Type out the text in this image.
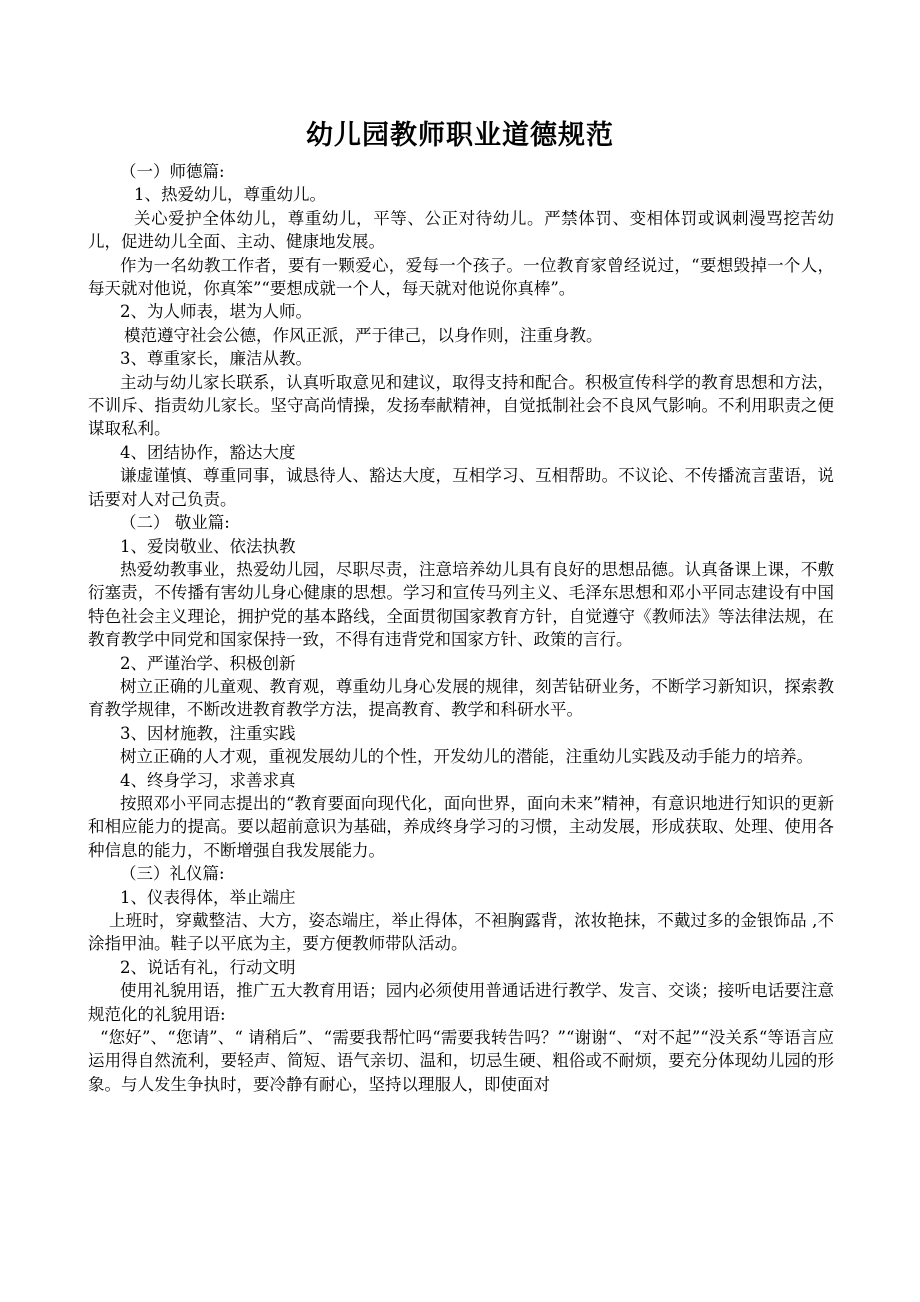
幼儿园教师职业道德规范

（一）师德篇:

1、热爱幼儿，尊重幼儿。

关心爱护全体幼儿，尊重幼儿，平等、公正对待幼儿。严禁体罚、变相体罚或讽刺漫骂挖苦幼儿，促进幼儿全面、主动、健康地发展。

作为一名幼教工作者，要有一颗爱心，爱每一个孩子。一位教育家曾经说过，“要想毁掉一个人，每天就对他说，你真笨”“要想成就一个人，每天就对他说你真棒”。

2、为人师表，堪为人师。

模范遵守社会公德，作风正派，严于律己，以身作则，注重身教。

3、尊重家长，廉洁从教。

主动与幼儿家长联系，认真听取意见和建议，取得支持和配合。积极宣传科学的教育思想和方法，不训斥、指责幼儿家长。坚守高尚情操，发扬奉献精神，自觉抵制社会不良风气影响。不利用职责之便谋取私利。

4、团结协作，豁达大度

谦虚谨慎、尊重同事，诚恳待人、豁达大度，互相学习、互相帮助。不议论、不传播流言蜚语，说话要对人对己负责。

（二） 敬业篇:

1、爱岗敬业、依法执教

热爱幼教事业，热爱幼儿园，尽职尽责，注意培养幼儿具有良好的思想品德。认真备课上课，不敷衍塞责，不传播有害幼儿身心健康的思想。学习和宣传马列主义、毛泽东思想和邓小平同志建设有中国特色社会主义理论，拥护党的基本路线，全面贯彻国家教育方针，自觉遵守《教师法》等法律法规，在教育教学中同党和国家保持一致，不得有违背党和国家方针、政策的言行。

2、严谨治学、积极创新

树立正确的儿童观、教育观，尊重幼儿身心发展的规律，刻苦钻研业务，不断学习新知识，探索教育教学规律，不断改进教育教学方法，提高教育、教学和科研水平。

3、因材施教，注重实践

树立正确的人才观，重视发展幼儿的个性，开发幼儿的潜能，注重幼儿实践及动手能力的培养。

4、终身学习，求善求真

按照邓小平同志提出的“教育要面向现代化，面向世界，面向未来”精神，有意识地进行知识的更新和相应能力的提高。要以超前意识为基础，养成终身学习的习惯，主动发展，形成获取、处理、使用各种信息的能力，不断增强自我发展能力。

（三）礼仪篇:

1、仪表得体，举止端庄

上班时，穿戴整洁、大方，姿态端庄，举止得体，不袒胸露背，浓妆艳抹，不戴过多的金银饰品 ,不涂指甲油。鞋子以平底为主，要方便教师带队活动。

2、说话有礼，行动文明

使用礼貌用语，推广五大教育用语；园内必须使用普通话进行教学、发言、交谈；接听电话要注意规范化的礼貌用语:

“您好”、“您请”、“ 请稍后”、“需要我帮忙吗“需要我转告吗？”“谢谢“、“对不起”“没关系“等语言应运用得自然流利，要轻声、简短、语气亲切、温和，切忌生硬、粗俗或不耐烦，要充分体现幼儿园的形象。与人发生争执时，要冷静有耐心，坚持以理服人，即使面对
